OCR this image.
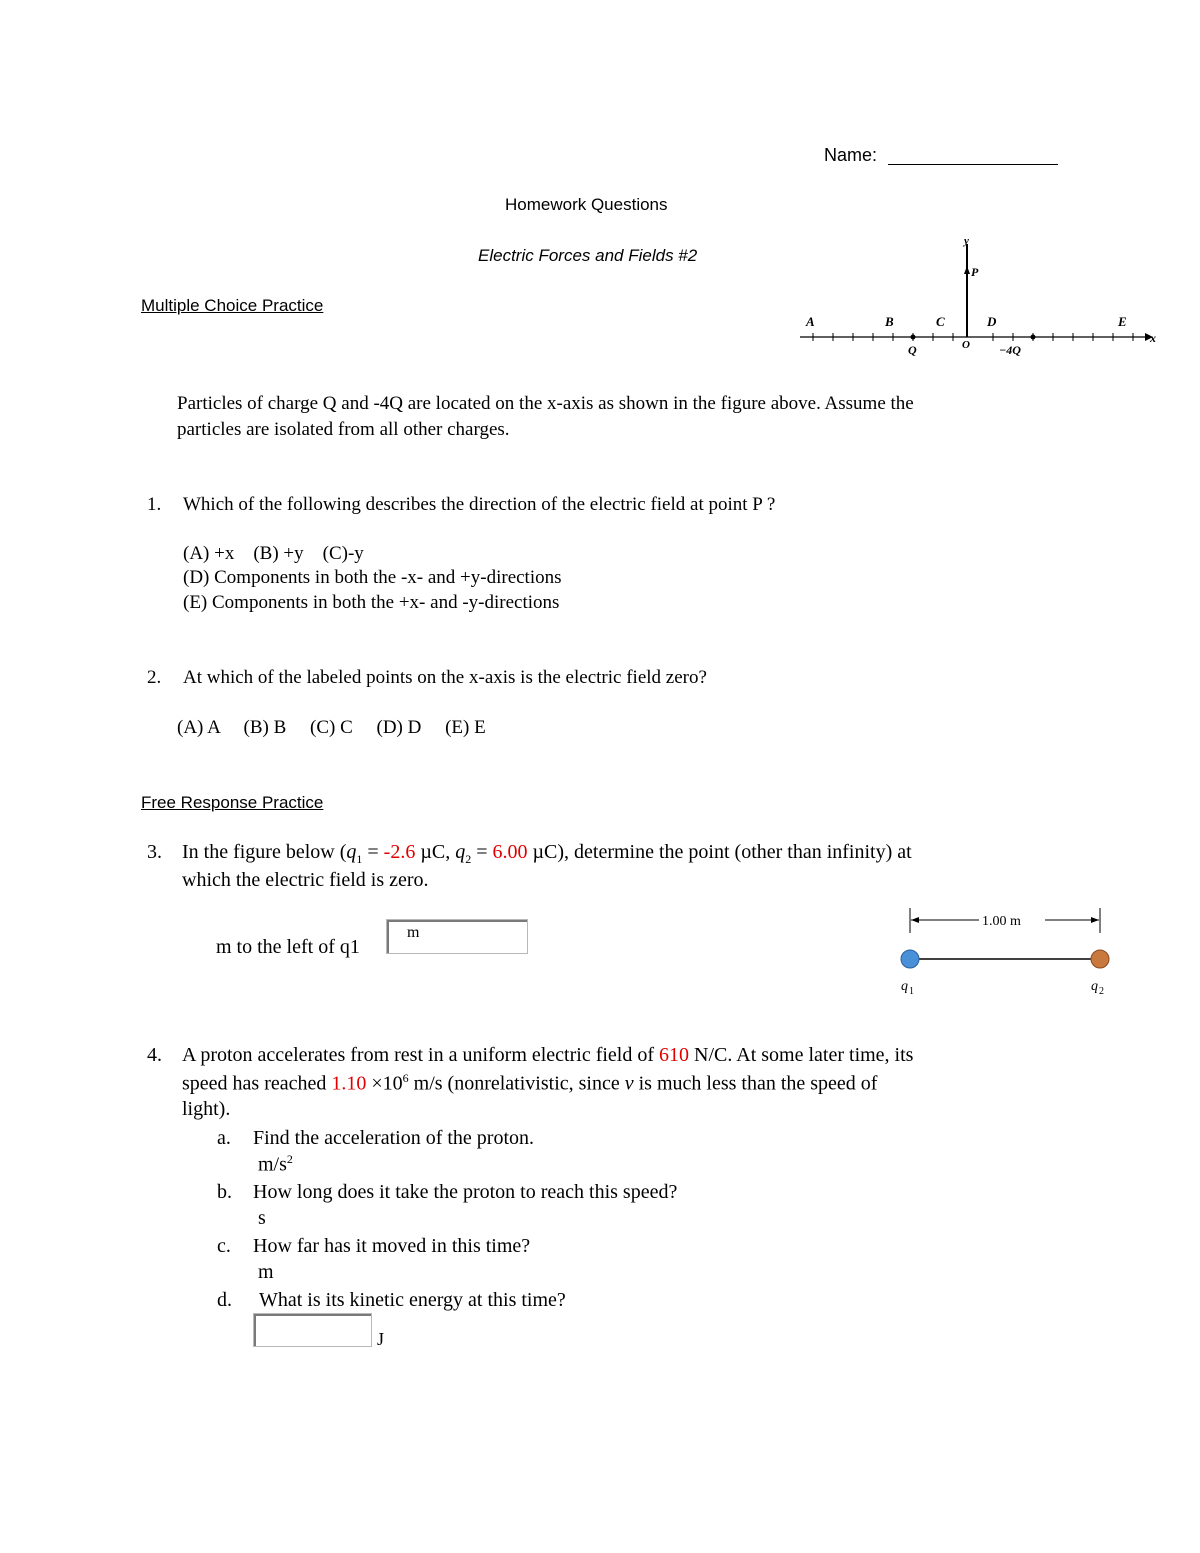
Name:
Homework Questions
Electric Forces and Fields #2
Multiple Choice Practice
y
P
A	B	C	D	E
x
Q	O −4Q
Particles of charge Q and -4Q are located on the x-axis as shown in the figure above. Assume the
particles are isolated from all other charges.
1. Which of the following describes the direction of the electric field at point P ?
(A) +x    (B) +y    (C)-y
(D) Components in both the -x- and +y-directions
(E) Components in both the +x- and -y-directions
2. At which of the labeled points on the x-axis is the electric field zero?
(A) A     (B) B     (C) C     (D) D     (E) E
Free Response Practice
3. In the figure below ($q_1 = -2.6$ µC, $q_2 = 6.00$ µC), determine the point (other than infinity) at
which the electric field is zero.
m to the left of q1
m
1.00 m
q 1	q 2
4. A proton accelerates from rest in a uniform electric field of 610 N/C. At some later time, its
speed has reached $1.10 \times 10^6$ m/s (nonrelativistic, since v is much less than the speed of
light).
a. Find the acceleration of the proton.
$m/s^2$
b. How long does it take the proton to reach this speed?
s
c. How far has it moved in this time?
m
d. What is its kinetic energy at this time?
J
